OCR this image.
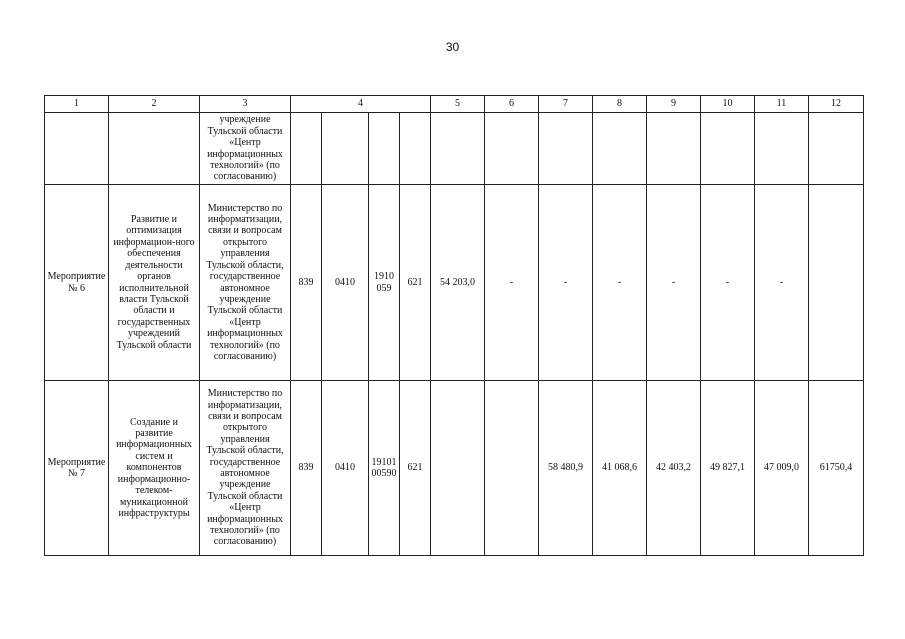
30
1	2	3	4				5	6	7	8	9	10	11	12
		учреждение Тульской области «Центр информационных технологий» (по согласованию)												
Мероприятие № 6	Развитие и оптимизация информацион-ного обеспечения деятельности органов исполнительной власти Тульской области и государственных учреждений Тульской области	Министерство по информатизации, связи и вопросам открытого управления Тульской области, государственное автономное учреждение Тульской области «Центр информационных технологий» (по согласованию)	839	0410	1910 059	621	54 203,0	-	-	-	-	-	-	
Мероприятие № 7	Создание и развитие информационных систем и компонентов информационно-телеком-муникационной инфраструктуры	Министерство по информатизации, связи и вопросам открытого управления Тульской области, государственное автономное учреждение Тульской области «Центр информационных технологий» (по согласованию)	839	0410	19101 00590	621			58 480,9	41 068,6	42 403,2	49 827,1	47 009,0	61750,4
